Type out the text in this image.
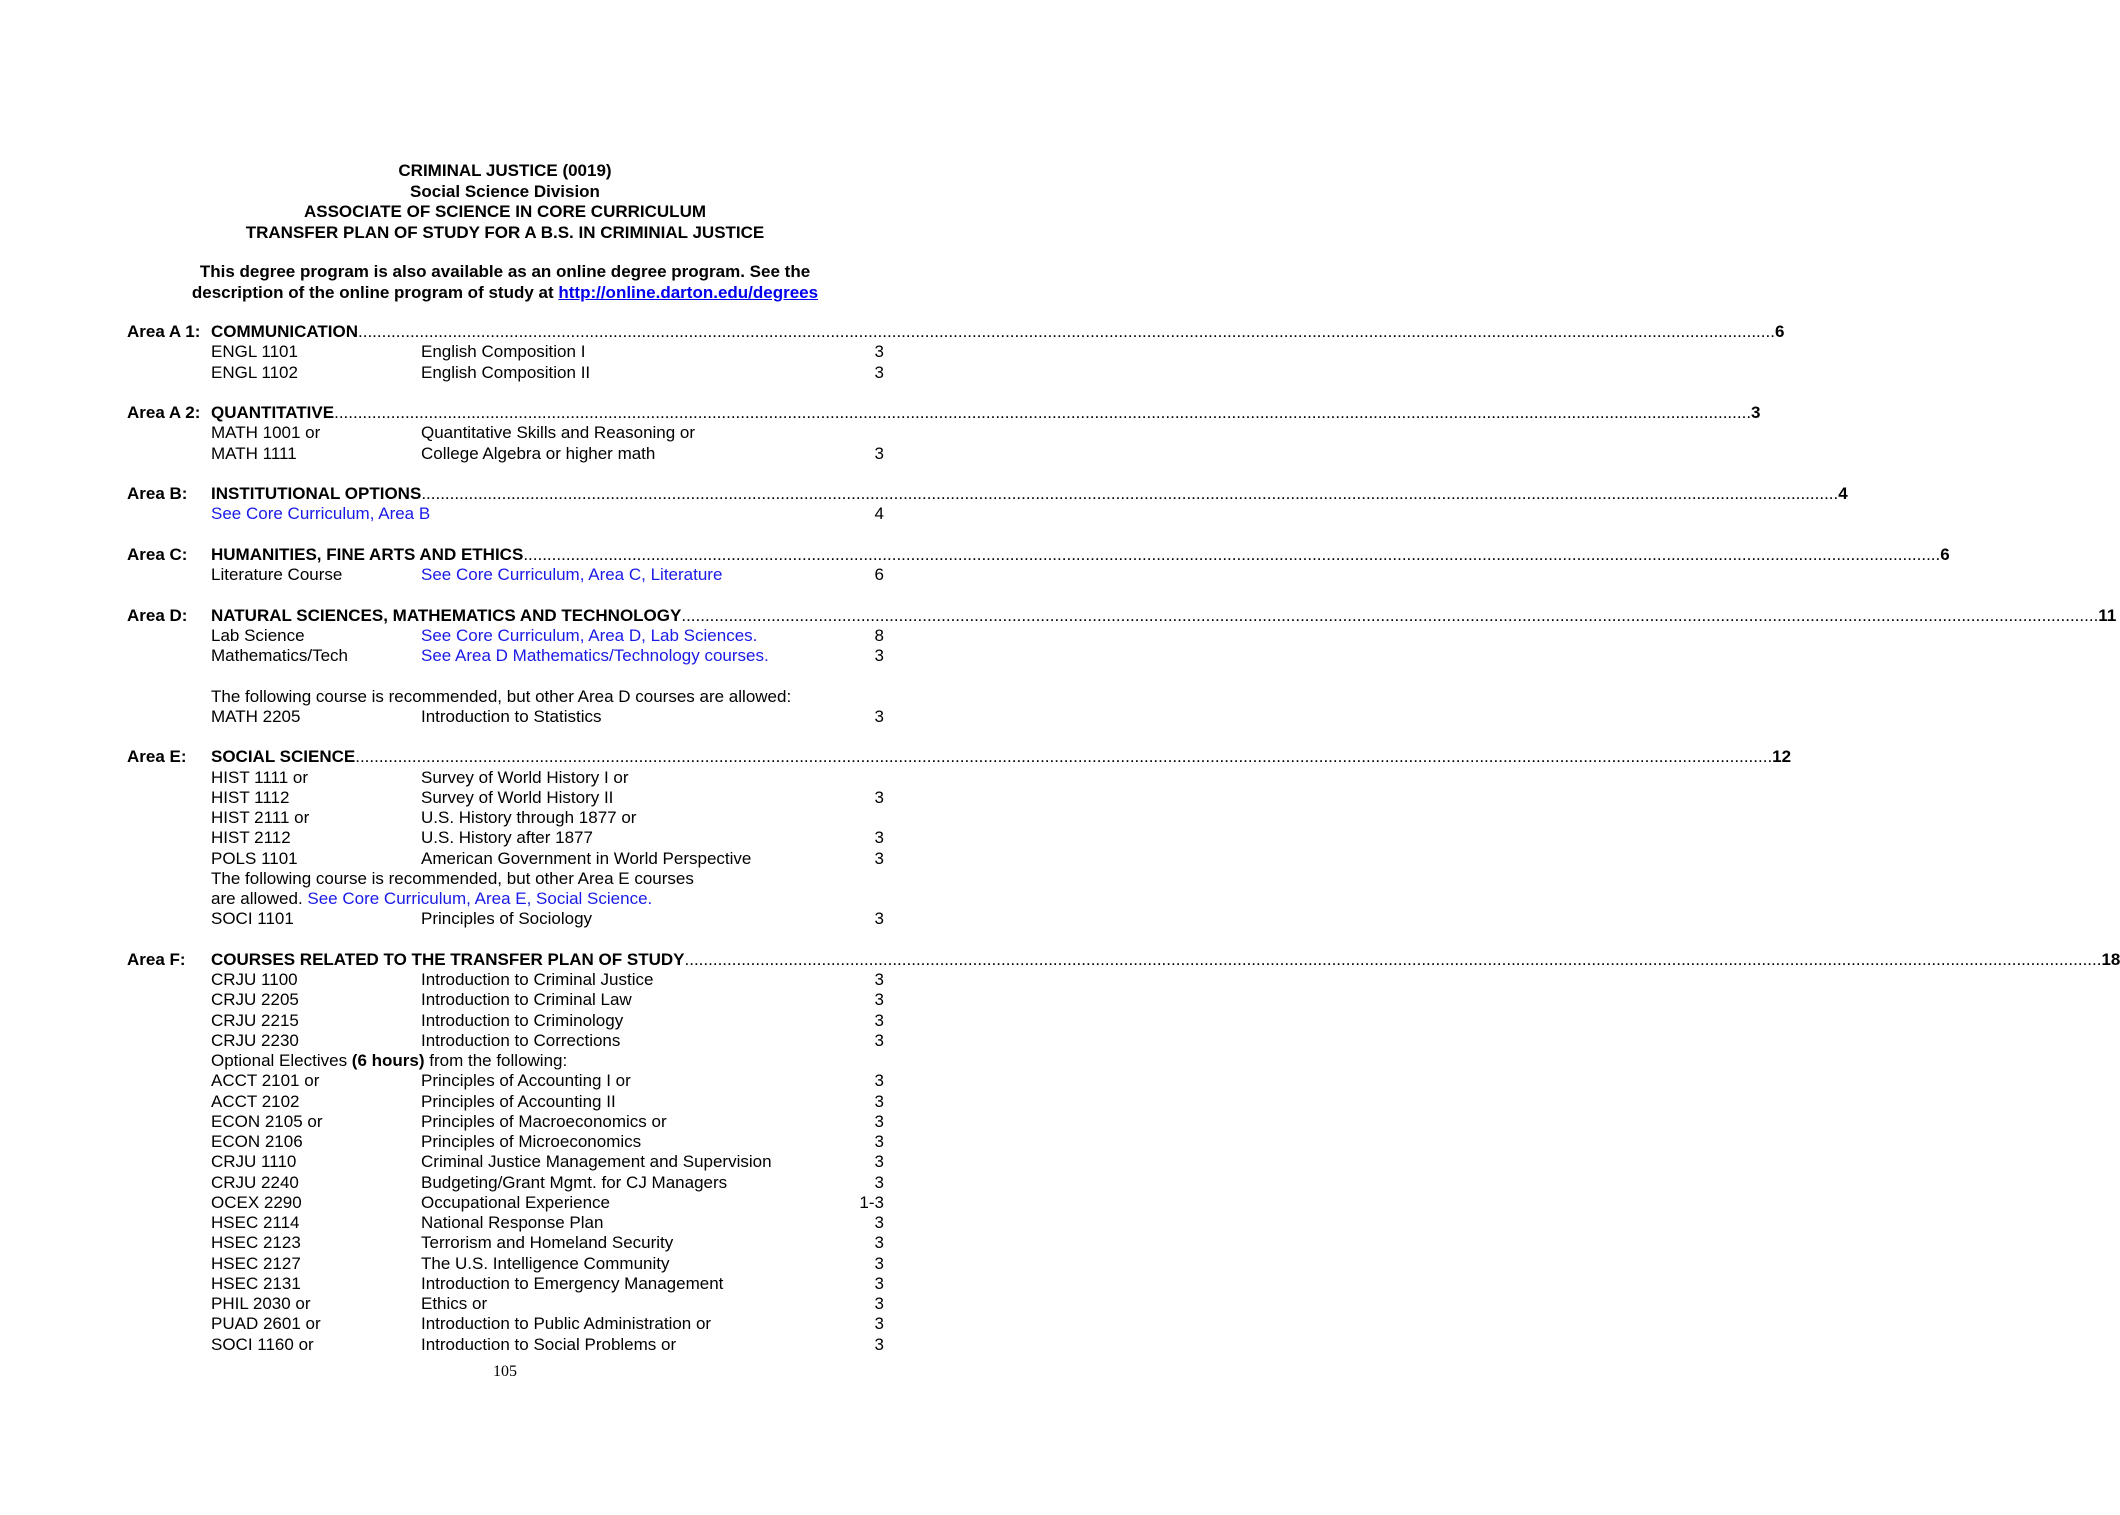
CRIMINAL JUSTICE (0019)
Social Science Division
ASSOCIATE OF SCIENCE IN CORE CURRICULUM
TRANSFER PLAN OF STUDY FOR A B.S. IN CRIMINIAL JUSTICE
This degree program is also available as an online degree program. See the
description of the online program of study at http://online.darton.edu/degrees
Area A 1: COMMUNICATION ............................................................................................................................................................................................................................................................................................................ 6
ENGL 1101	English Composition I	3
ENGL 1102	English Composition II	3
Area A 2: QUANTITATIVE ............................................................................................................................................................................................................................................................................................................ 3
MATH 1001 or	Quantitative Skills and Reasoning or
MATH 1111	College Algebra or higher math	3
Area B: INSTITUTIONAL OPTIONS ............................................................................................................................................................................................................................................................................................................ 4
See Core Curriculum, Area B	4
Area C: HUMANITIES, FINE ARTS AND ETHICS ............................................................................................................................................................................................................................................................................................................ 6
Literature Course	See Core Curriculum, Area C, Literature	6
Area D: NATURAL SCIENCES, MATHEMATICS AND TECHNOLOGY ............................................................................................................................................................................................................................................................................................................ 11
Lab Science	See Core Curriculum, Area D, Lab Sciences.	8
Mathematics/Tech	See Area D Mathematics/Technology courses.	3
The following course is recommended, but other Area D courses are allowed:
MATH 2205	Introduction to Statistics	3
Area E: SOCIAL SCIENCE ............................................................................................................................................................................................................................................................................................................ 12
HIST 1111 or	Survey of World History I or
HIST 1112	Survey of World History II	3
HIST 2111 or	U.S. History through 1877 or
HIST 2112	U.S. History after 1877	3
POLS 1101	American Government in World Perspective	3
The following course is recommended, but other Area E courses
are allowed. See Core Curriculum, Area E, Social Science.
SOCI 1101	Principles of Sociology	3
Area F: COURSES RELATED TO THE TRANSFER PLAN OF STUDY ............................................................................................................................................................................................................................................................................................................ 18
CRJU 1100	Introduction to Criminal Justice	3
CRJU 2205	Introduction to Criminal Law	3
CRJU 2215	Introduction to Criminology	3
CRJU 2230	Introduction to Corrections	3
Optional Electives (6 hours) from the following:
ACCT 2101 or	Principles of Accounting I or	3
ACCT 2102	Principles of Accounting II	3
ECON 2105 or	Principles of Macroeconomics or	3
ECON 2106	Principles of Microeconomics	3
CRJU 1110	Criminal Justice Management and Supervision	3
CRJU 2240	Budgeting/Grant Mgmt. for CJ Managers	3
OCEX 2290	Occupational Experience	1-3
HSEC 2114	National Response Plan	3
HSEC 2123	Terrorism and Homeland Security	3
HSEC 2127	The U.S. Intelligence Community	3
HSEC 2131	Introduction to Emergency Management	3
PHIL 2030 or	Ethics or	3
PUAD 2601 or	Introduction to Public Administration or	3
SOCI 1160 or	Introduction to Social Problems or	3
105
